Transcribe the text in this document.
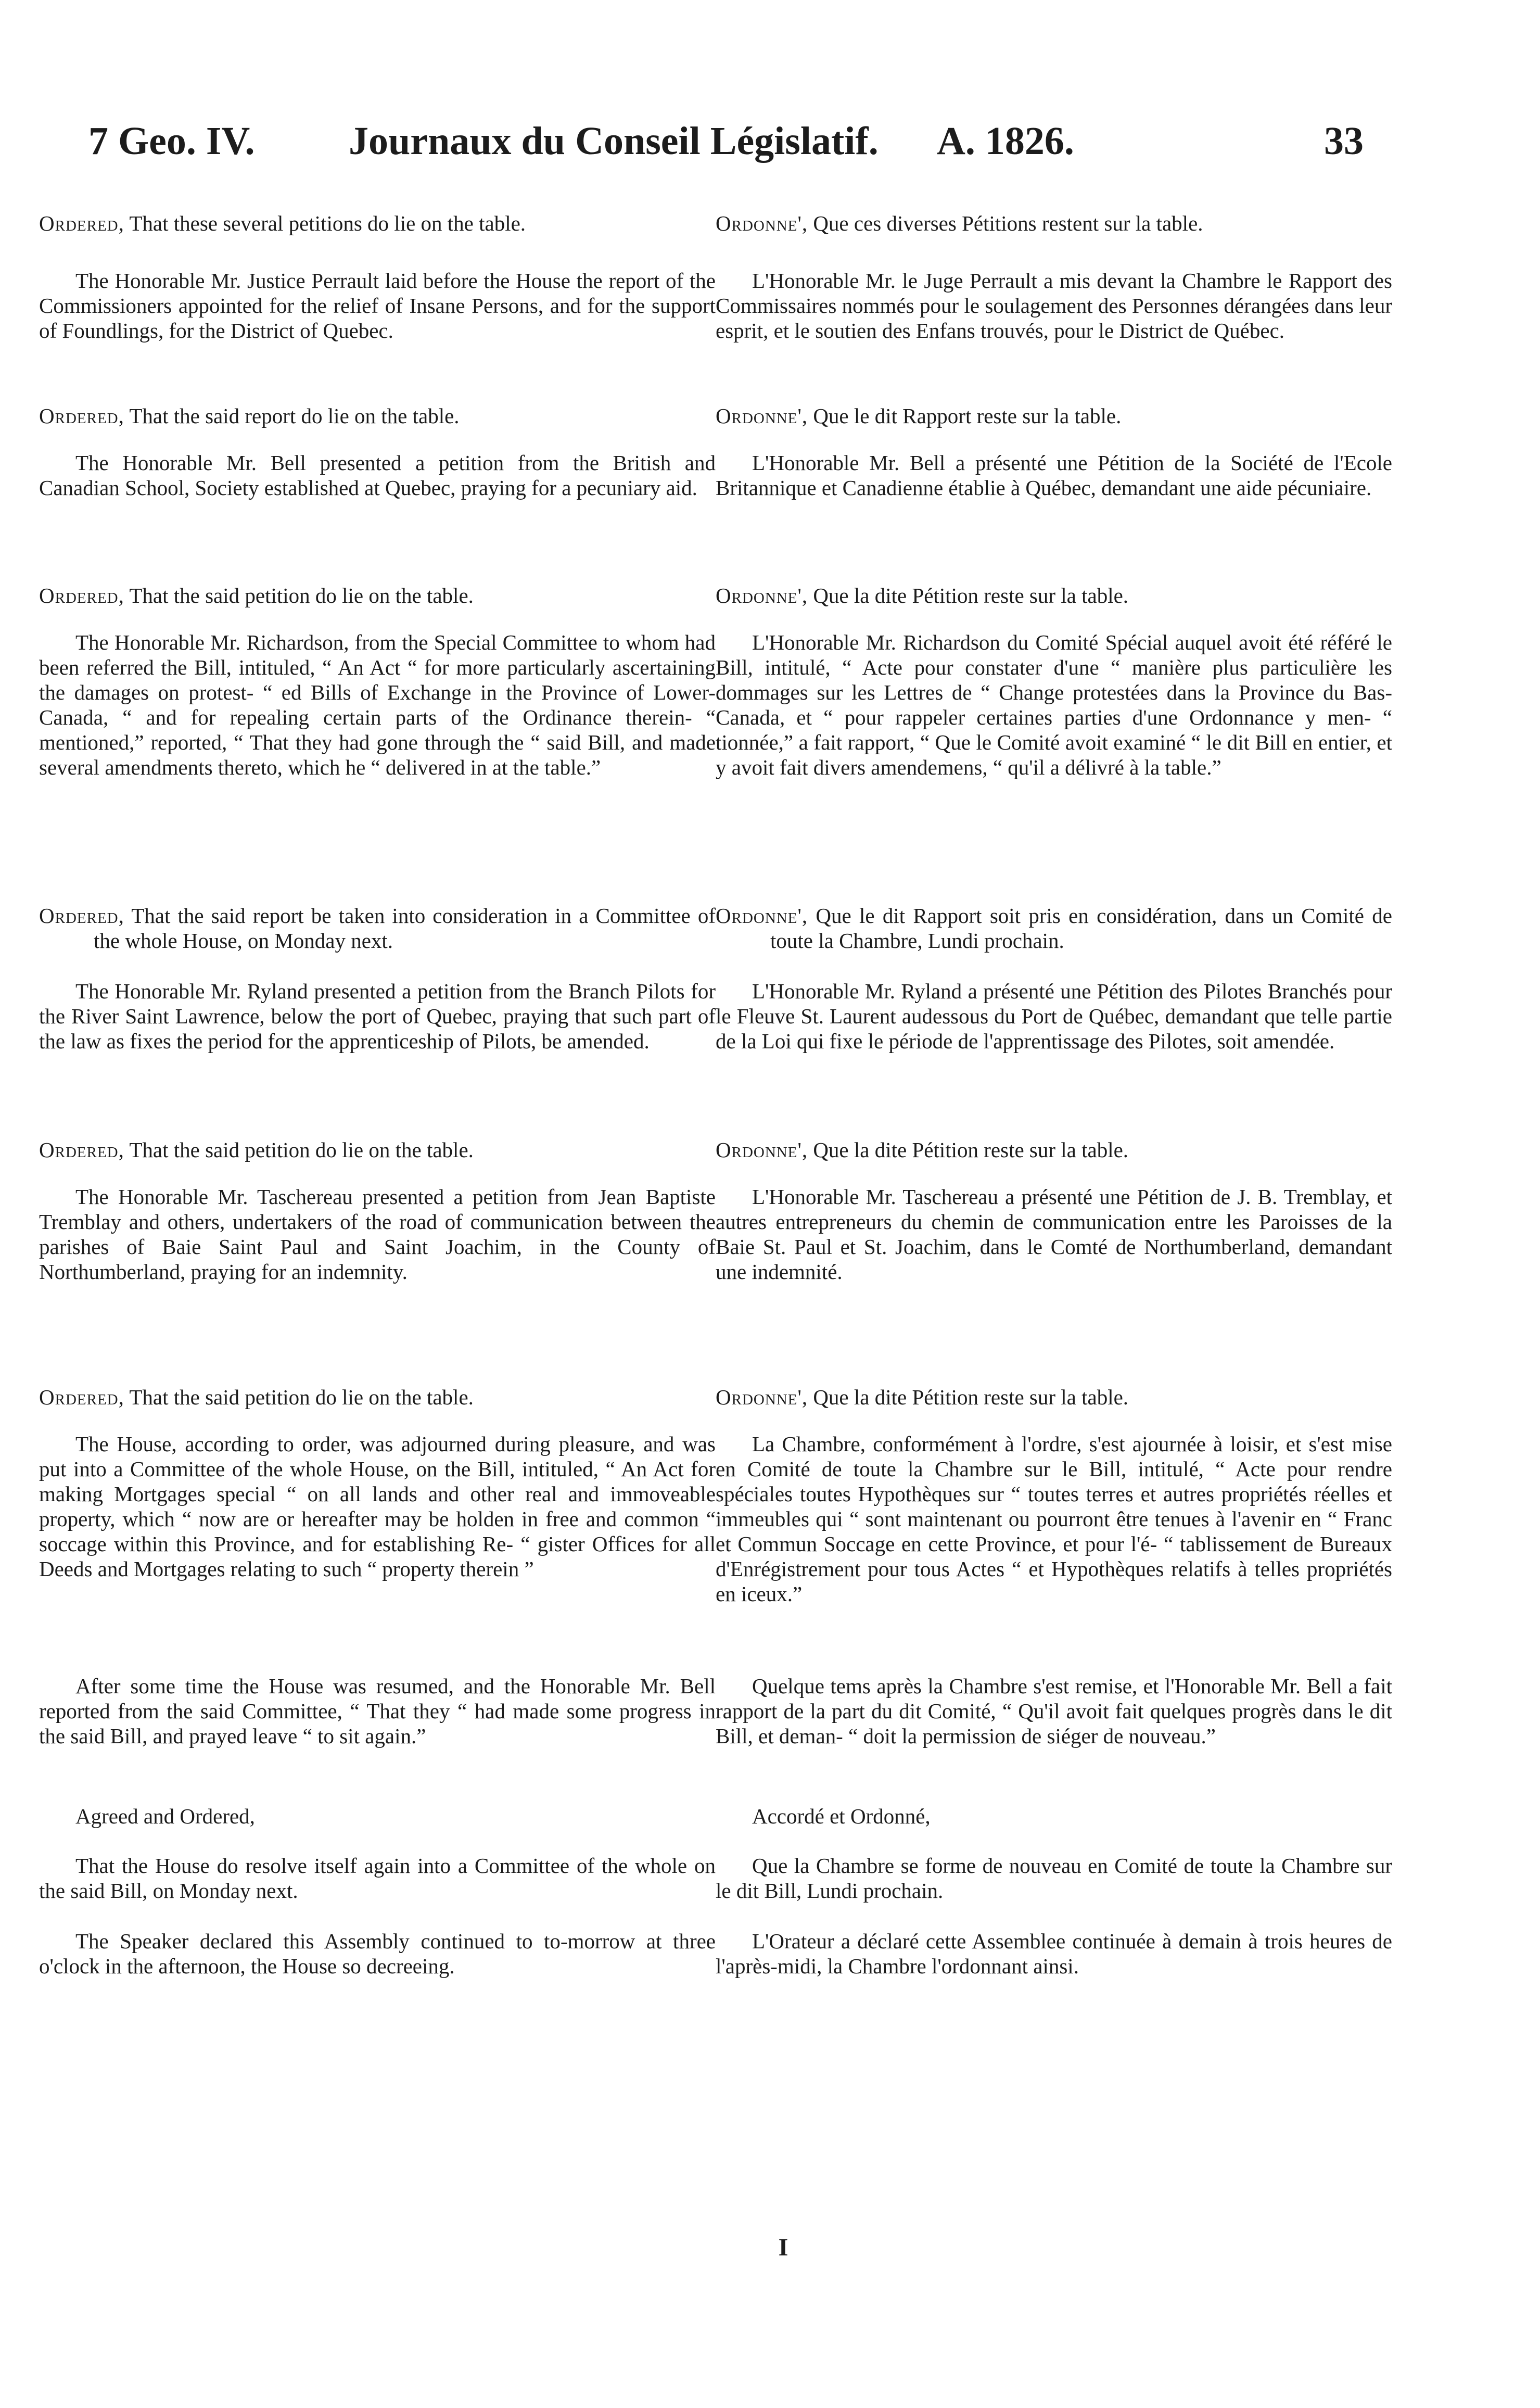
7 Geo. IV. Journaux du Conseil Législatif. A. 1826.	33

Ordered, That these several petitions do lie on the table.

The Honorable Mr. Justice Perrault laid before the House the report of the Commissioners appointed for the relief of Insane Persons, and for the support of Foundlings, for the District of Quebec.

Ordered, That the said report do lie on the table.

The Honorable Mr. Bell presented a petition from the British and Canadian School, Society established at Quebec, praying for a pecuniary aid.

Ordered, That the said petition do lie on the table.

The Honorable Mr. Richardson, from the Special Committee to whom had been referred the Bill, intituled, “ An Act “ for more particularly ascertaining the damages on protest- “ ed Bills of Exchange in the Province of Lower-Canada, “ and for repealing certain parts of the Ordinance therein- “ mentioned,” reported, “ That they had gone through the “ said Bill, and made several amendments thereto, which he “ delivered in at the table.”

Ordered, That the said report be taken into consideration in a Committee of the whole House, on Monday next.

The Honorable Mr. Ryland presented a petition from the Branch Pilots for the River Saint Lawrence, below the port of Quebec, praying that such part of the law as fixes the period for the apprenticeship of Pilots, be amended.

Ordered, That the said petition do lie on the table.

The Honorable Mr. Taschereau presented a petition from Jean Baptiste Tremblay and others, undertakers of the road of communication between the parishes of Baie Saint Paul and Saint Joachim, in the County of Northumberland, praying for an indemnity.

Ordered, That the said petition do lie on the table.

The House, according to order, was adjourned during pleasure, and was put into a Committee of the whole House, on the Bill, intituled, “ An Act for making Mortgages special “ on all lands and other real and immoveable property, which “ now are or hereafter may be holden in free and common “ soccage within this Province, and for establishing Re- “ gister Offices for all Deeds and Mortgages relating to such “ property therein ”

After some time the House was resumed, and the Honorable Mr. Bell reported from the said Committee, “ That they “ had made some progress in the said Bill, and prayed leave “ to sit again.”

Agreed and Ordered,

That the House do resolve itself again into a Committee of the whole on the said Bill, on Monday next.

The Speaker declared this Assembly continued to to-morrow at three o'clock in the afternoon, the House so decreeing.

Ordonne', Que ces diverses Pétitions restent sur la table.

L'Honorable Mr. le Juge Perrault a mis devant la Chambre le Rapport des Commissaires nommés pour le soulagement des Personnes dérangées dans leur esprit, et le soutien des Enfans trouvés, pour le District de Québec.

Ordonne', Que le dit Rapport reste sur la table.

L'Honorable Mr. Bell a présenté une Pétition de la Société de l'Ecole Britannique et Canadienne établie à Québec, demandant une aide pécuniaire.

Ordonne', Que la dite Pétition reste sur la table.

L'Honorable Mr. Richardson du Comité Spécial auquel avoit été référé le Bill, intitulé, “ Acte pour constater d'une “ manière plus particulière les dommages sur les Lettres de “ Change protestées dans la Province du Bas-Canada, et “ pour rappeler certaines parties d'une Ordonnance y men- “ tionnée,” a fait rapport, “ Que le Comité avoit examiné “ le dit Bill en entier, et y avoit fait divers amendemens, “ qu'il a délivré à la table.”

Ordonne', Que le dit Rapport soit pris en considération, dans un Comité de toute la Chambre, Lundi prochain.

L'Honorable Mr. Ryland a présenté une Pétition des Pilotes Branchés pour le Fleuve St. Laurent audessous du Port de Québec, demandant que telle partie de la Loi qui fixe le période de l'apprentissage des Pilotes, soit amendée.

Ordonne', Que la dite Pétition reste sur la table.

L'Honorable Mr. Taschereau a présenté une Pétition de J. B. Tremblay, et autres entrepreneurs du chemin de communication entre les Paroisses de la Baie St. Paul et St. Joachim, dans le Comté de Northumberland, demandant une indemnité.

Ordonne', Que la dite Pétition reste sur la table.

La Chambre, conformément à l'ordre, s'est ajournée à loisir, et s'est mise en Comité de toute la Chambre sur le Bill, intitulé, “ Acte pour rendre spéciales toutes Hypothèques sur “ toutes terres et autres propriétés réelles et immeubles qui “ sont maintenant ou pourront être tenues à l'avenir en “ Franc et Commun Soccage en cette Province, et pour l'é- “ tablissement de Bureaux d'Enrégistrement pour tous Actes “ et Hypothèques relatifs à telles propriétés en iceux.”

Quelque tems après la Chambre s'est remise, et l'Honorable Mr. Bell a fait rapport de la part du dit Comité, “ Qu'il avoit fait quelques progrès dans le dit Bill, et deman- “ doit la permission de siéger de nouveau.”

Accordé et Ordonné,

Que la Chambre se forme de nouveau en Comité de toute la Chambre sur le dit Bill, Lundi prochain.

L'Orateur a déclaré cette Assemblee continuée à demain à trois heures de l'après-midi, la Chambre l'ordonnant ainsi.

I
